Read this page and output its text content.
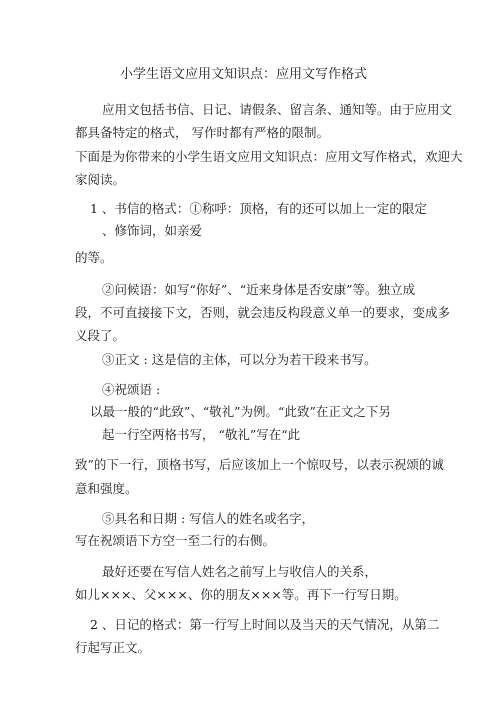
小学生语文应用文知识点：应用文写作格式
应用文包括书信、日记、请假条、留言条、通知等。由于应用文
都具备特定的格式， 写作时都有严格的限制。
下面是为你带来的小学生语文应用文知识点：应用文写作格式，欢迎大
家阅读。
1 、书信的格式：①称呼：顶格，有的还可以加上一定的限定
、修饰词，如亲爱
的等。
②问候语：如写“你好”、“近来身体是否安康”等。独立成
段，不可直接接下文，否则，就会违反构段意义单一的要求，变成多
义段了。
③正文 : 这是信的主体，可以分为若干段来书写。
④祝颂语 :
以最一般的“此致”、“敬礼”为例。“此致”在正文之下另
起一行空两格书写， “敬礼”写在“此
致”的下一行，顶格书写，后应该加上一个惊叹号，以表示祝颂的诚
意和强度。
⑤具名和日期 : 写信人的姓名或名字，
写在祝颂语下方空一至二行的右侧。
最好还要在写信人姓名之前写上与收信人的关系，
如儿×××、父×××、你的朋友×××等。再下一行写日期。
2 、日记的格式：第一行写上时间以及当天的天气情况，从第二
行起写正文。
